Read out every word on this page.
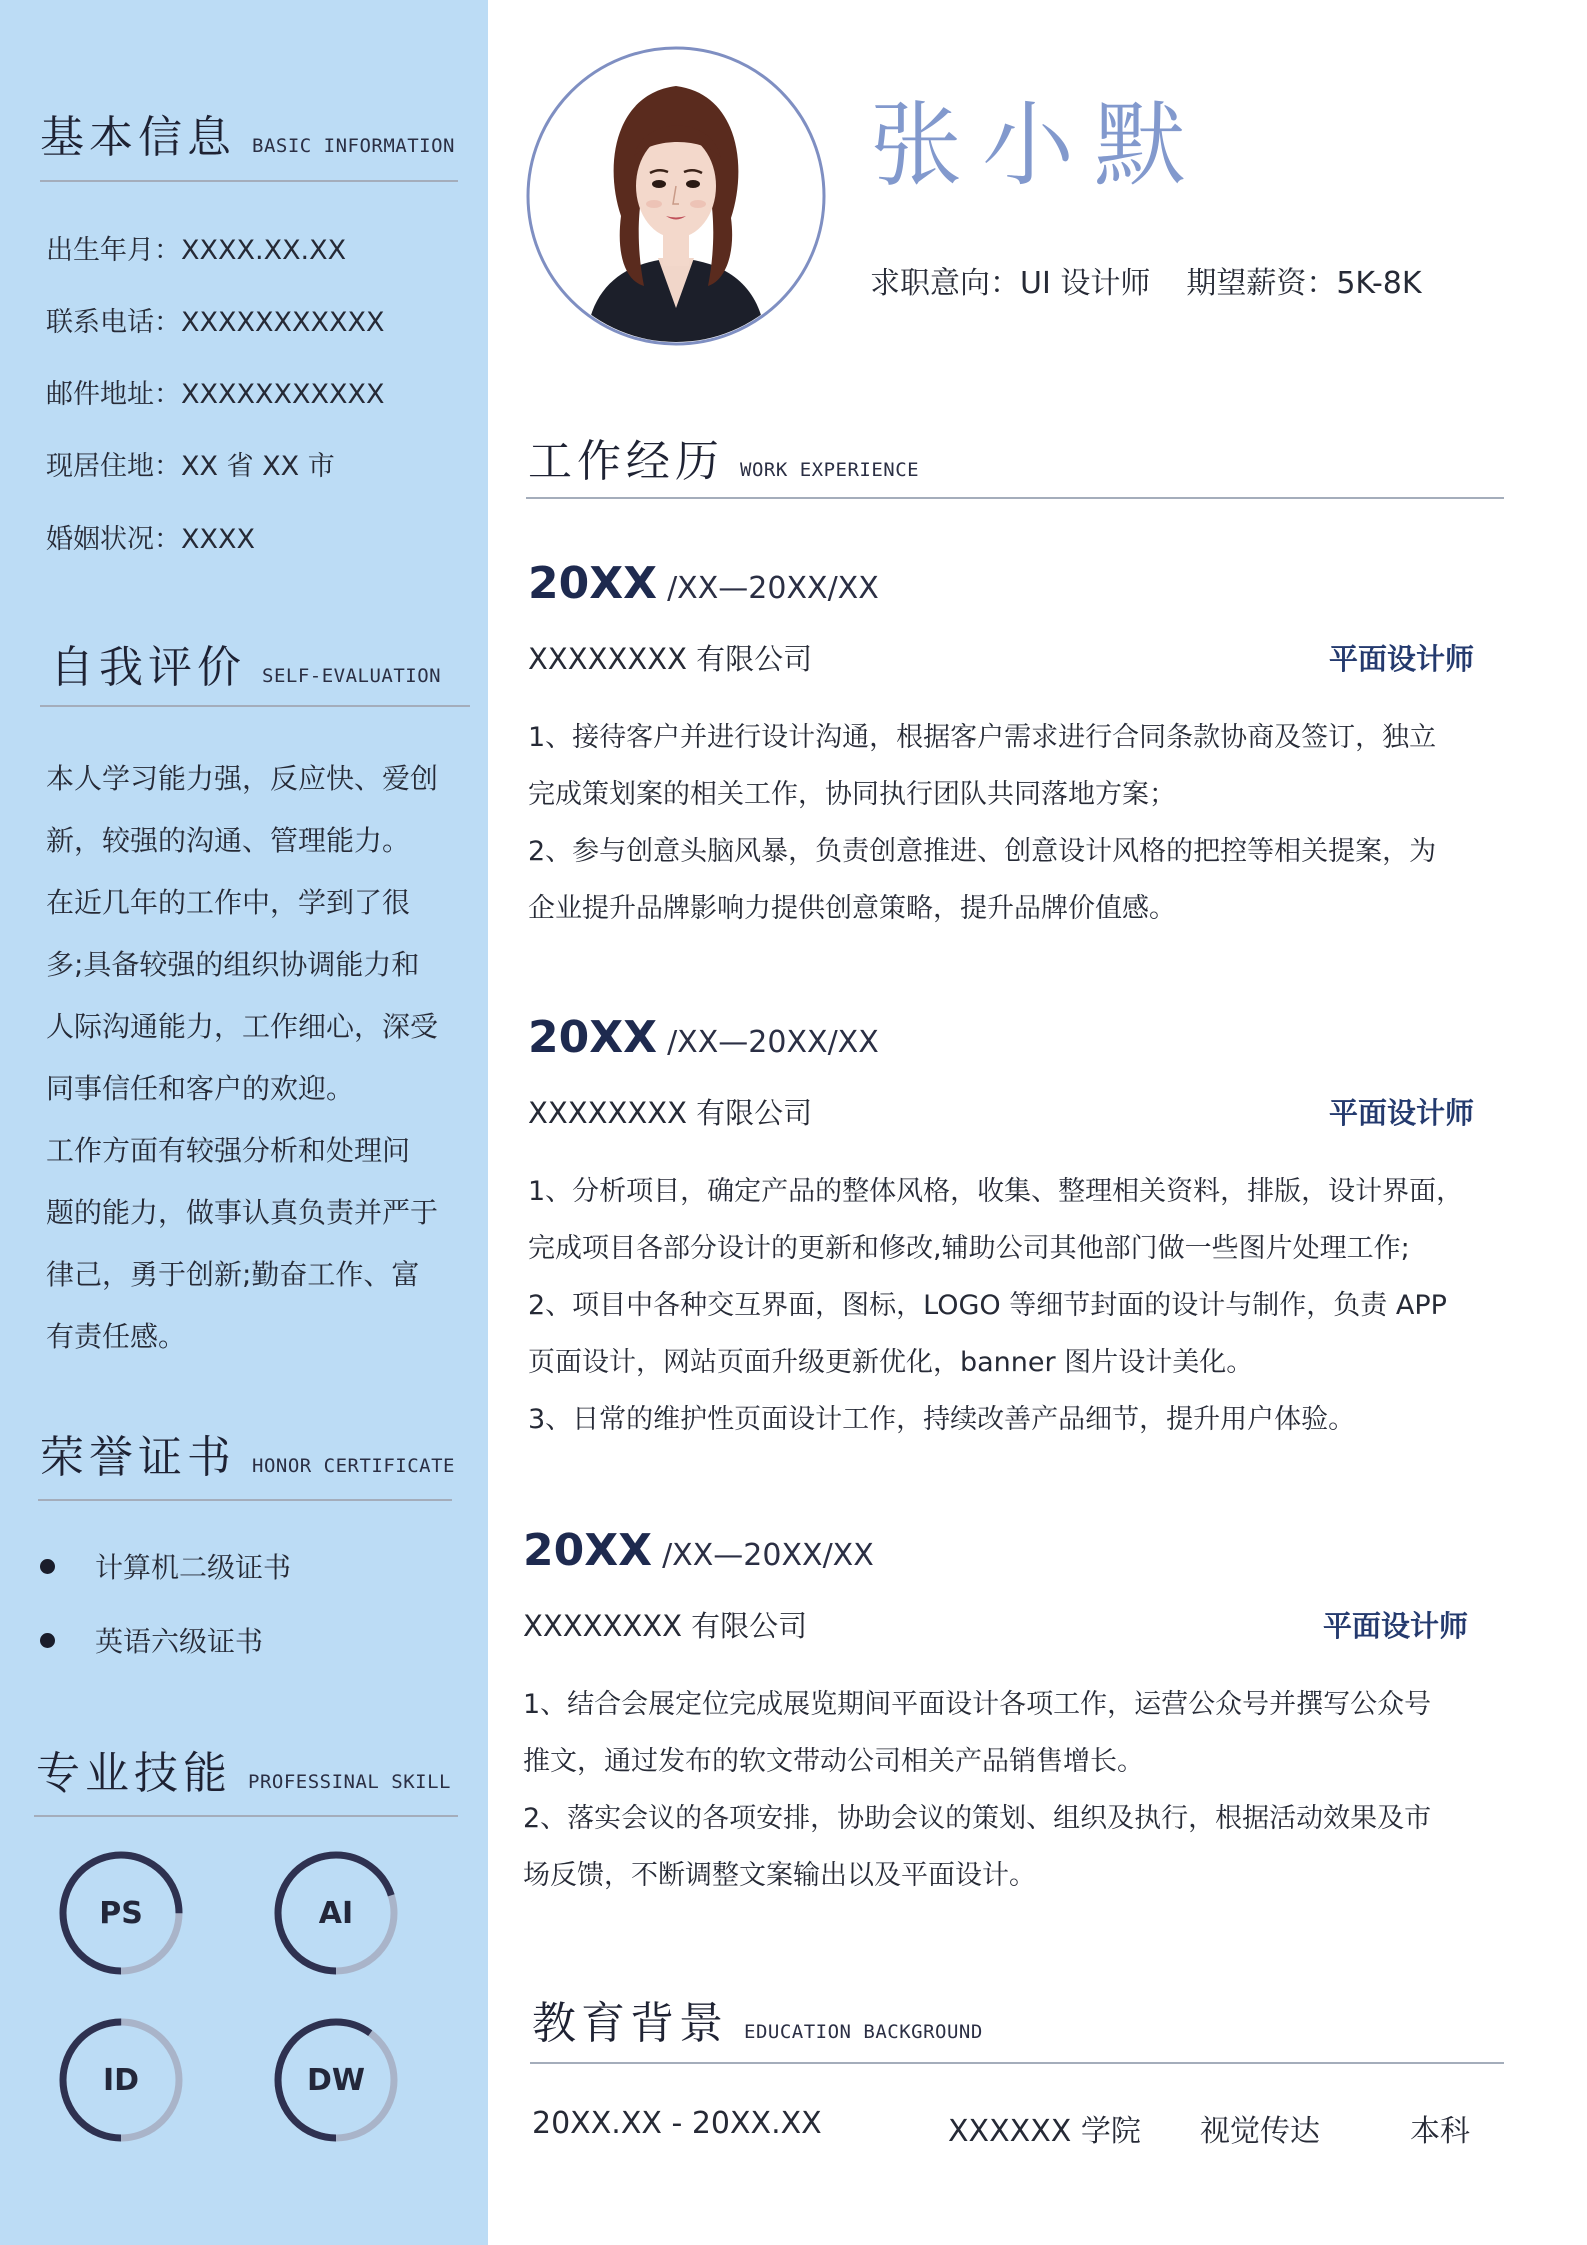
基本信息 BASIC INFORMATION
出生年月：XXXX.XX.XX
联系电话：XXXXXXXXXXX
邮件地址：XXXXXXXXXXX
现居住地：XX 省 XX 市
婚姻状况：XXXX
自我评价 SELF-EVALUATION

本人学习能力强，反应快、爱创

新，较强的沟通、管理能力。

在近几年的工作中，学到了很

多;具备较强的组织协调能力和

人际沟通能力，工作细心，深受

同事信任和客户的欢迎。

工作方面有较强分析和处理问

题的能力，做事认真负责并严于

律己，勇于创新;勤奋工作、富

有责任感。

荣誉证书 HONOR CERTIFICATE
计算机二级证书
英语六级证书
专业技能 PROFESSINAL SKILL
PS	AI
ID	DW
张小默
求职意向：UI 设计师 期望薪资：5K-8K
工作经历 WORK EXPERIENCE
20XX /XX—20XX/XX
XXXXXXXX 有限公司	平面设计师

1、接待客户并进行设计沟通，根据客户需求进行合同条款协商及签订，独立

完成策划案的相关工作，协同执行团队共同落地方案；

2、参与创意头脑风暴，负责创意推进、创意设计风格的把控等相关提案，为

企业提升品牌影响力提供创意策略，提升品牌价值感。

20XX /XX—20XX/XX
XXXXXXXX 有限公司	平面设计师

1、分析项目，确定产品的整体风格，收集、整理相关资料，排版，设计界面，

完成项目各部分设计的更新和修改,辅助公司其他部门做一些图片处理工作;

2、项目中各种交互界面，图标，LOGO 等细节封面的设计与制作，负责 APP

页面设计，网站页面升级更新优化，banner 图片设计美化。

3、日常的维护性页面设计工作，持续改善产品细节，提升用户体验。

20XX /XX—20XX/XX
XXXXXXXX 有限公司	平面设计师

1、结合会展定位完成展览期间平面设计各项工作，运营公众号并撰写公众号

推文，通过发布的软文带动公司相关产品销售增长。

2、落实会议的各项安排，协助会议的策划、组织及执行，根据活动效果及市

场反馈，不断调整文案输出以及平面设计。

教育背景 EDUCATION BACKGROUND
20XX.XX - 20XX.XX	XXXXXX 学院 视觉传达	本科
